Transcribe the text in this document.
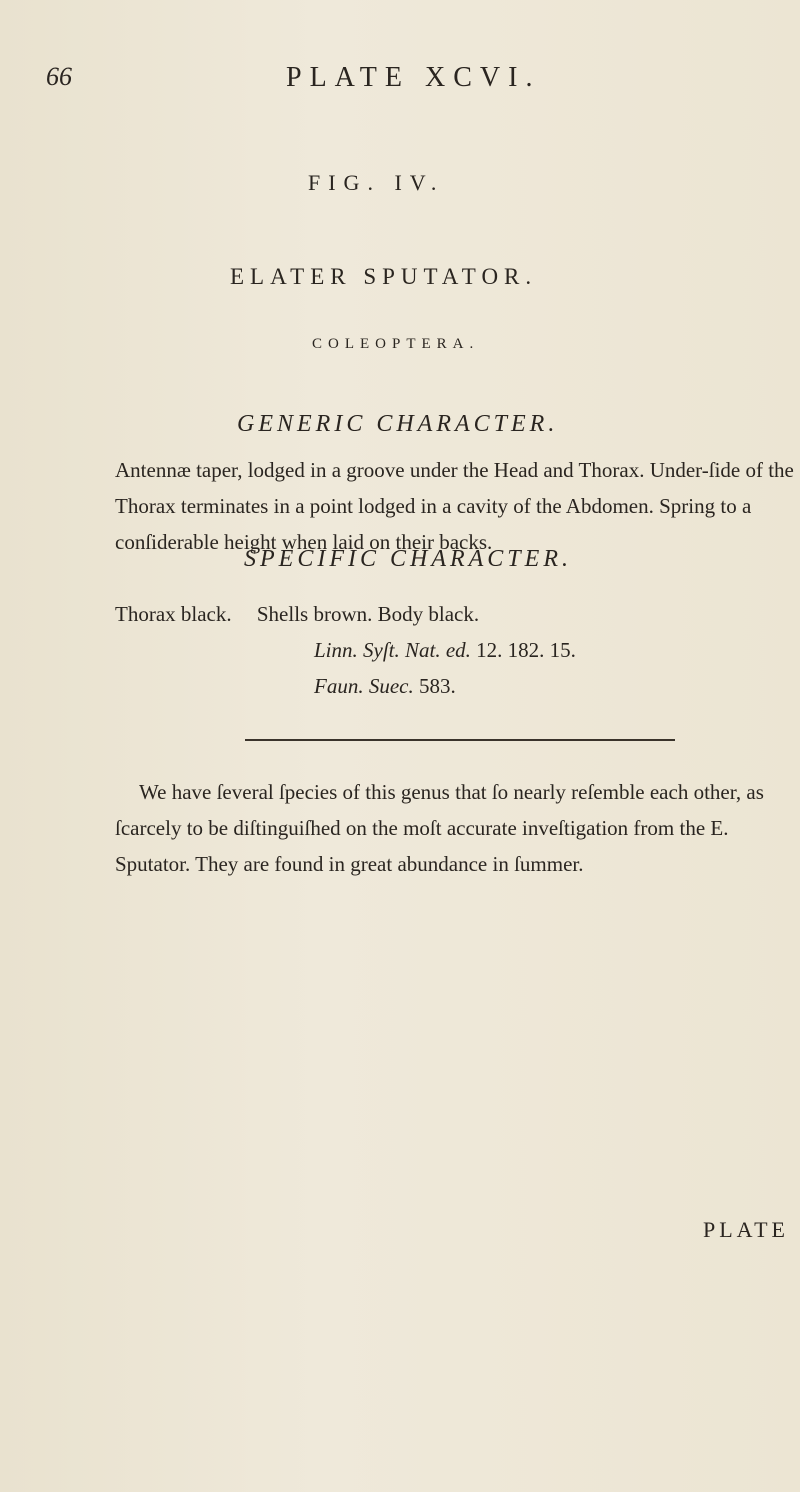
66	PLATE XCVI.
FIG. IV.
ELATER SPUTATOR.
COLEOPTERA.
GENERIC CHARACTER.
Antennæ taper, lodged in a groove under the Head and Thorax. Under-ſide of the Thorax terminates in a point lodged in a cavity of the Abdomen. Spring to a conſiderable height when laid on their backs.
SPECIFIC CHARACTER.
Thorax black. Shells brown. Body black.
Linn. Syſt. Nat. ed. 12. 182. 15.
Faun. Suec. 583.
We have ſeveral ſpecies of this genus that ſo nearly reſemble each other, as ſcarcely to be diſtinguiſhed on the moſt accurate inveſtigation from the E. Sputator. They are found in great abundance in ſummer.
PLATE
